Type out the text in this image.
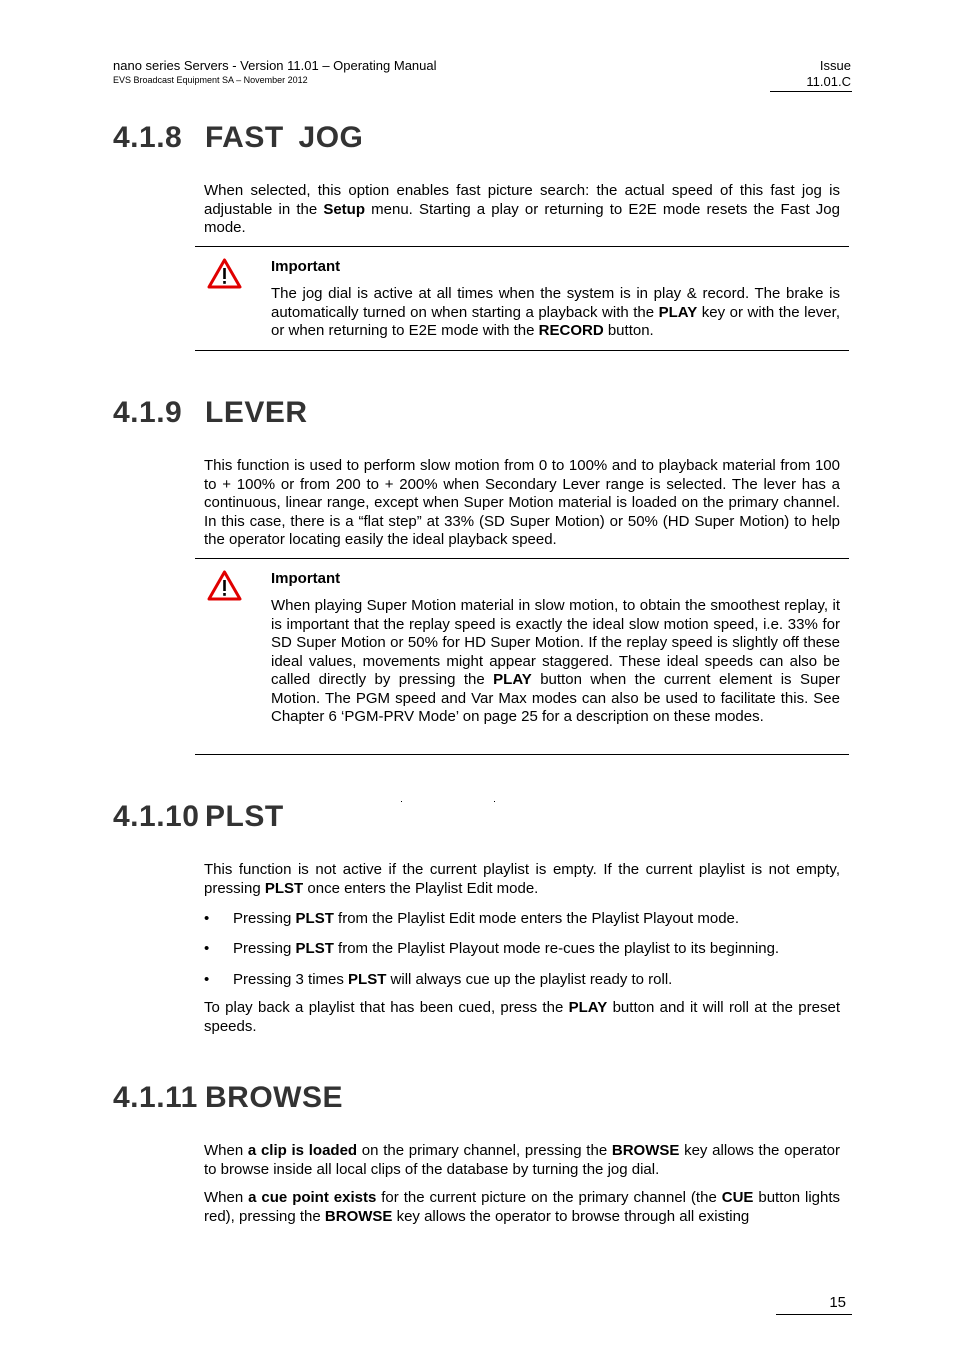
nano series Servers - Version 11.01 – Operating Manual
EVS Broadcast Equipment SA – November 2012
Issue
11.01.C
4.1.8 FAST JOG

When selected, this option enables fast picture search: the actual speed of this fast jog is adjustable in the Setup menu. Starting a play or returning to E2E mode resets the Fast Jog mode.

Important

The jog dial is active at all times when the system is in play & record. The brake is automatically turned on when starting a playback with the PLAY key or with the lever, or when returning to E2E mode with the RECORD button.

4.1.9 LEVER

This function is used to perform slow motion from 0 to 100% and to playback material from 100 to + 100% or from 200 to + 200% when Secondary Lever range is selected. The lever has a continuous, linear range, except when Super Motion material is loaded on the primary channel. In this case, there is a “flat step” at 33% (SD Super Motion) or 50% (HD Super Motion) to help the operator locating easily the ideal playback speed.

Important

When playing Super Motion material in slow motion, to obtain the smoothest replay, it is important that the replay speed is exactly the ideal slow motion speed, i.e. 33% for SD Super Motion or 50% for HD Super Motion. If the replay speed is slightly off these ideal values, movements might appear staggered. These ideal speeds can also be called directly by pressing the PLAY button when the current element is Super Motion. The PGM speed and Var Max modes can also be used to facilitate this. See Chapter 6 ‘PGM-PRV Mode’ on page 25 for a description on these modes.

4.1.10 PLST

This function is not active if the current playlist is empty. If the current playlist is not empty, pressing PLST once enters the Playlist Edit mode.

• Pressing PLST from the Playlist Edit mode enters the Playlist Playout mode.
• Pressing PLST from the Playlist Playout mode re-cues the playlist to its beginning.
• Pressing 3 times PLST will always cue up the playlist ready to roll.

To play back a playlist that has been cued, press the PLAY button and it will roll at the preset speeds.

4.1.11 BROWSE

When a clip is loaded on the primary channel, pressing the BROWSE key allows the operator to browse inside all local clips of the database by turning the jog dial.

When a cue point exists for the current picture on the primary channel (the CUE button lights red), pressing the BROWSE key allows the operator to browse through all existing

15
